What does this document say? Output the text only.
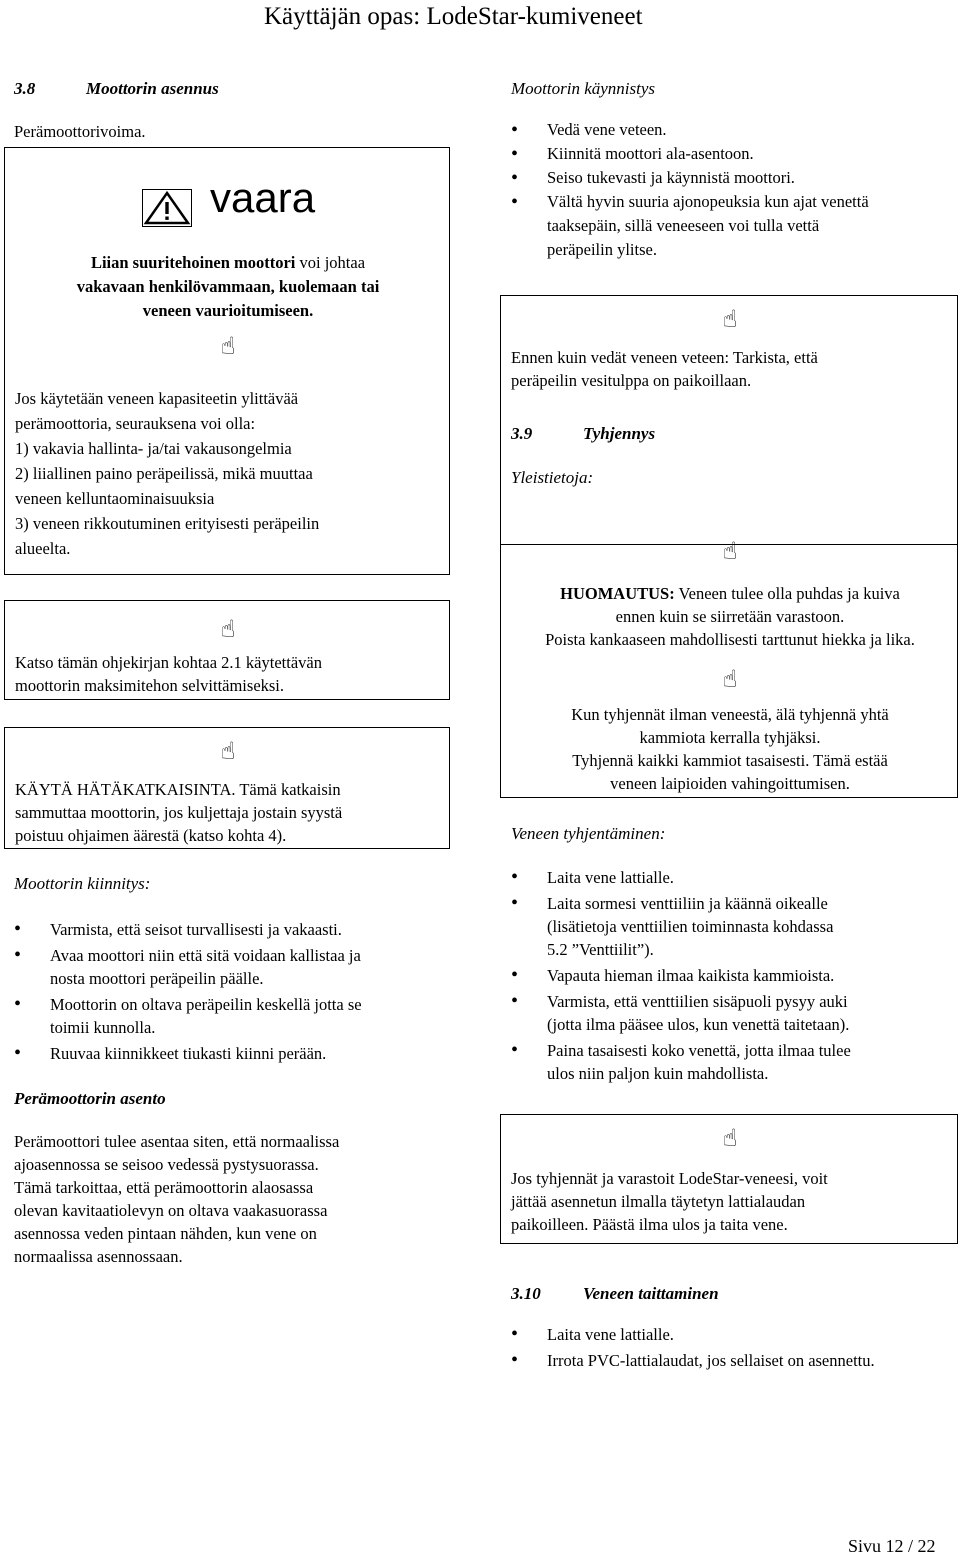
Käyttäjän opas: LodeStar-kumiveneet
3.8	Moottorin asennus
Perämoottorivoima.
vaara
Liian suuritehoinen moottori voi johtaa
vakavaan henkilövammaan, kuolemaan tai
veneen vaurioitumiseen.
☝
Jos käytetään veneen kapasiteetin ylittävää
perämoottoria, seurauksena voi olla:
1) vakavia hallinta- ja/tai vakausongelmia
2) liiallinen paino peräpeilissä, mikä muuttaa
veneen kelluntaominaisuuksia
3) veneen rikkoutuminen erityisesti peräpeilin
alueelta.
☝
Katso tämän ohjekirjan kohtaa 2.1 käytettävän
moottorin maksimitehon selvittämiseksi.
☝
KÄYTÄ HÄTÄKATKAISINTA. Tämä katkaisin
sammuttaa moottorin, jos kuljettaja jostain syystä
poistuu ohjaimen äärestä (katso kohta 4).
Moottorin kiinnitys:
• Varmista, että seisot turvallisesti ja vakaasti.
• Avaa moottori niin että sitä voidaan kallistaa ja
nosta moottori peräpeilin päälle.
• Moottorin on oltava peräpeilin keskellä jotta se
toimii kunnolla.
• Ruuvaa kiinnikkeet tiukasti kiinni perään.
Perämoottorin asento
Perämoottori tulee asentaa siten, että normaalissa
ajoasennossa se seisoo vedessä pystysuorassa.
Tämä tarkoittaa, että perämoottorin alaosassa
olevan kavitaatiolevyn on oltava vaakasuorassa
asennossa veden pintaan nähden, kun vene on
normaalissa asennossaan.
Moottorin käynnistys
• Vedä vene veteen.
• Kiinnitä moottori ala-asentoon.
• Seiso tukevasti ja käynnistä moottori.
• Vältä hyvin suuria ajonopeuksia kun ajat venettä
taaksepäin, sillä veneeseen voi tulla vettä
peräpeilin ylitse.
☝
Ennen kuin vedät veneen veteen: Tarkista, että
peräpeilin vesitulppa on paikoillaan.
3.9	Tyhjennys
Yleistietoja:
☝
HUOMAUTUS: Veneen tulee olla puhdas ja kuiva
ennen kuin se siirretään varastoon.
Poista kankaaseen mahdollisesti tarttunut hiekka ja lika.
☝
Kun tyhjennät ilman veneestä, älä tyhjennä yhtä
kammiota kerralla tyhjäksi.
Tyhjennä kaikki kammiot tasaisesti. Tämä estää
veneen laipioiden vahingoittumisen.
Veneen tyhjentäminen:
• Laita vene lattialle.
• Laita sormesi venttiiliin ja käännä oikealle
(lisätietoja venttiilien toiminnasta kohdassa
5.2 ”Venttiilit”).
• Vapauta hieman ilmaa kaikista kammioista.
• Varmista, että venttiilien sisäpuoli pysyy auki
(jotta ilma pääsee ulos, kun venettä taitetaan).
• Paina tasaisesti koko venettä, jotta ilmaa tulee
ulos niin paljon kuin mahdollista.
☝
Jos tyhjennät ja varastoit LodeStar-veneesi, voit
jättää asennetun ilmalla täytetyn lattialaudan
paikoilleen. Päästä ilma ulos ja taita vene.
3.10 Veneen taittaminen
• Laita vene lattialle.
• Irrota PVC-lattialaudat, jos sellaiset on asennettu.
Sivu 12 / 22
